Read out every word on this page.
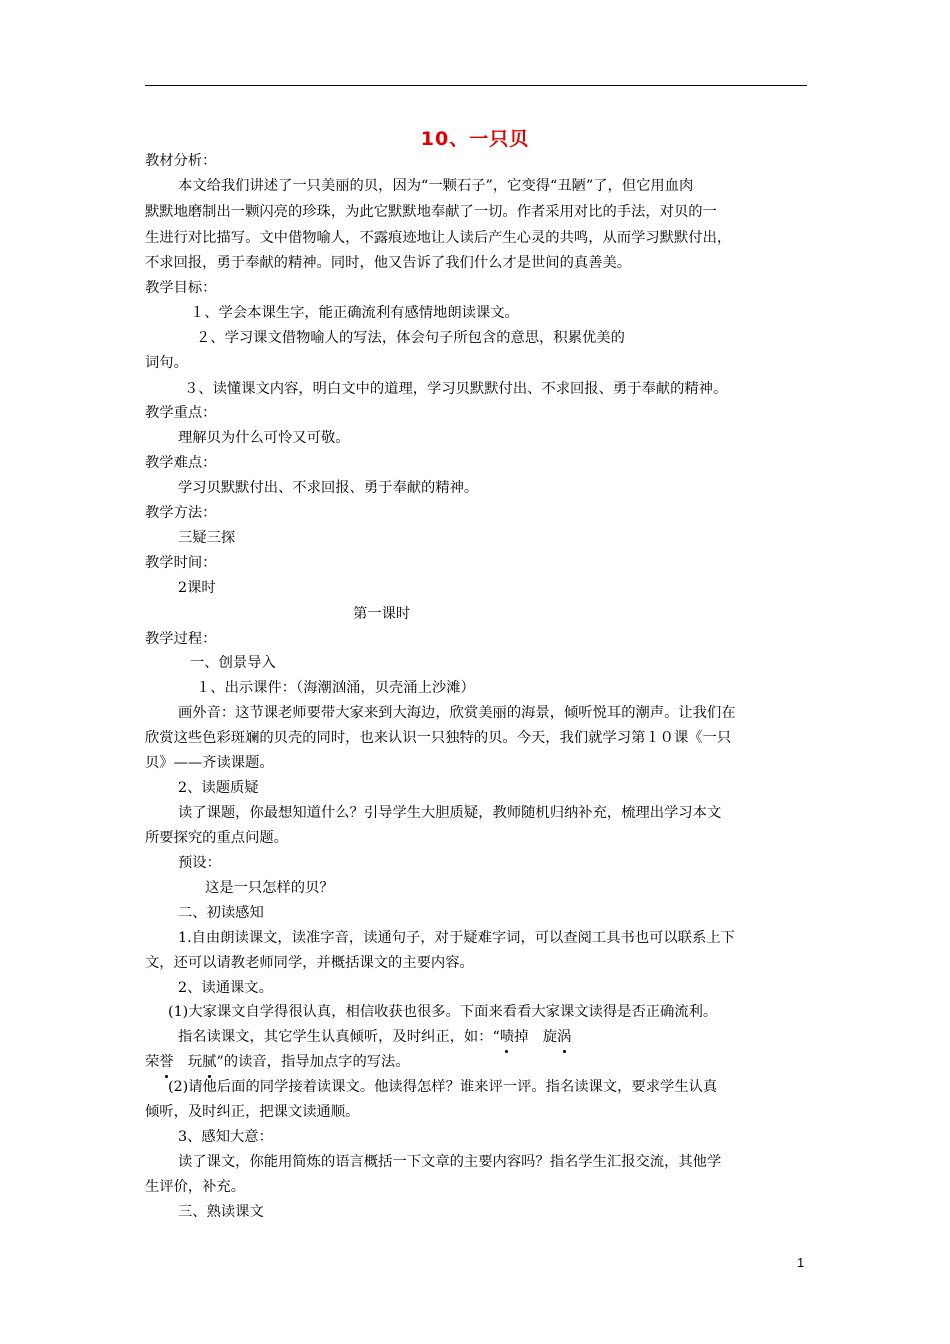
10、一只贝
教材分析：
本文给我们讲述了一只美丽的贝，因为“一颗石子”，它变得“丑陋”了，但它用血肉
默默地磨制出一颗闪亮的珍珠，为此它默默地奉献了一切。作者采用对比的手法，对贝的一
生进行对比描写。文中借物喻人，不露痕迹地让人读后产生心灵的共鸣，从而学习默默付出，
不求回报，勇于奉献的精神。同时，他又告诉了我们什么才是世间的真善美。
教学目标：
１、学会本课生字，能正确流利有感情地朗读课文。
２、学习课文借物喻人的写法，体会句子所包含的意思，积累优美的
词句。
３、读懂课文内容，明白文中的道理，学习贝默默付出、不求回报、勇于奉献的精神。
教学重点：
理解贝为什么可怜又可敬。
教学难点：
学习贝默默付出、不求回报、勇于奉献的精神。
教学方法：
三疑三探
教学时间：
2课时
第一课时
教学过程：
一、创景导入
１、出示课件：（海潮汹涌，贝壳涌上沙滩）
画外音：这节课老师要带大家来到大海边，欣赏美丽的海景，倾听悦耳的潮声。让我们在
欣赏这些色彩斑斓的贝壳的同时，也来认识一只独特的贝。今天，我们就学习第１０课《一只
贝》——齐读课题。
2、读题质疑
读了课题，你最想知道什么？引导学生大胆质疑，教师随机归纳补充，梳理出学习本文
所要探究的重点问题。
预设：
这是一只怎样的贝？
二、初读感知
1.自由朗读课文，读准字音，读通句子，对于疑难字词，可以查阅工具书也可以联系上下
文，还可以请教老师同学，并概括课文的主要内容。
2、读通课文。
(1)大家课文自学得很认真，相信收获也很多。下面来看看大家课文读得是否正确流利。
指名读课文，其它学生认真倾听，及时纠正，如：“啧掉　旋涡
荣誉　玩腻”的读音，指导加点字的写法。
(2)请他后面的同学接着读课文。他读得怎样？谁来评一评。指名读课文，要求学生认真
倾听，及时纠正，把课文读通顺。
3、感知大意：
读了课文，你能用简炼的语言概括一下文章的主要内容吗？指名学生汇报交流，其他学
生评价，补充。
三、熟读课文
1
